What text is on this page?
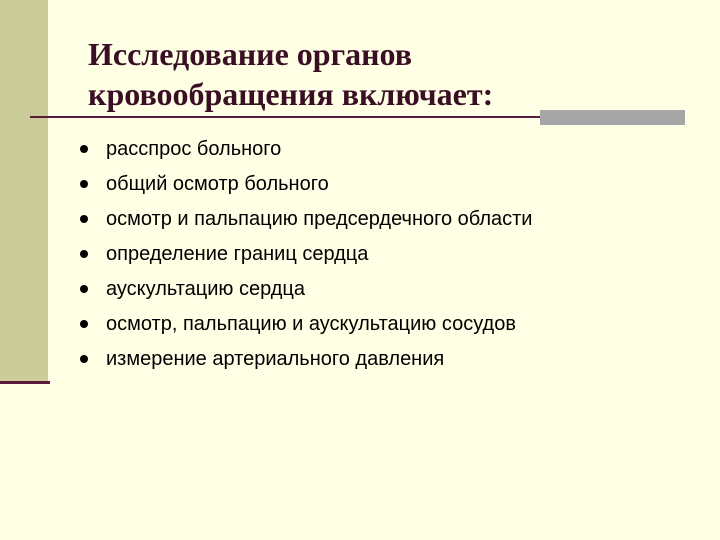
Исследование органов
кровообращения включает:
расспрос больного
общий осмотр больного
осмотр и пальпацию предсердечного области
определение границ сердца
аускультацию сердца
осмотр, пальпацию и аускультацию сосудов
измерение артериального давления
